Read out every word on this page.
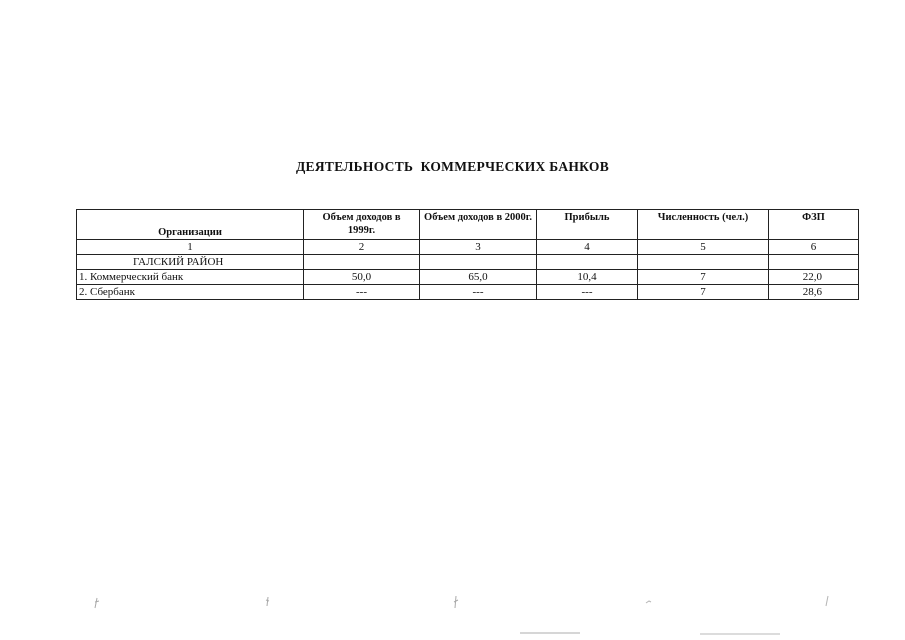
ДЕЯТЕЛЬНОСТЬ  КОММЕРЧЕСКИХ БАНКОВ
Организации	Объем доходов в 1999г.	Объем доходов в 2000г.	Прибыль	Численность (чел.)	ФЗП
1	2	3	4	5	6
ГАЛСКИЙ РАЙОН					
1. Коммерческий банк	50,0	65,0	10,4	7	22,0
2. Сбербанк	---	---	---	7	28,6
